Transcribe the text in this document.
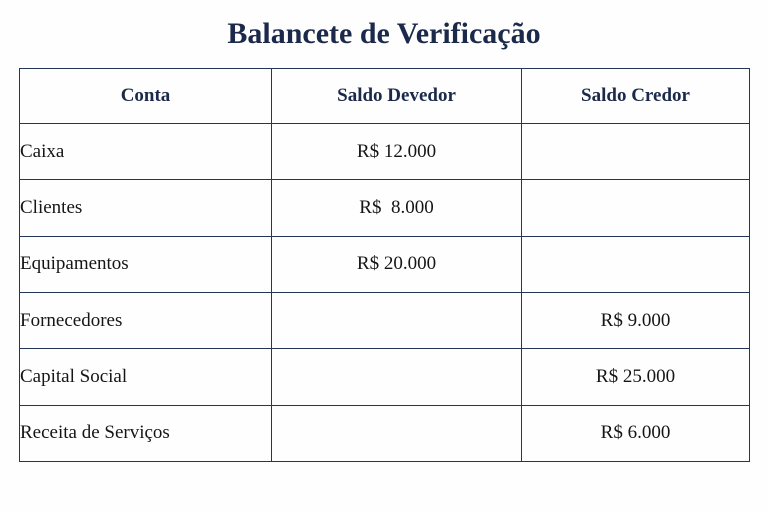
Balancete de Verificação
Conta	Saldo Devedor	Saldo Credor
Caixa	R$ 12.000	
Clientes	R$  8.000	
Equipamentos	R$ 20.000	
Fornecedores		R$ 9.000
Capital Social		R$ 25.000
Receita de Serviços		R$ 6.000
